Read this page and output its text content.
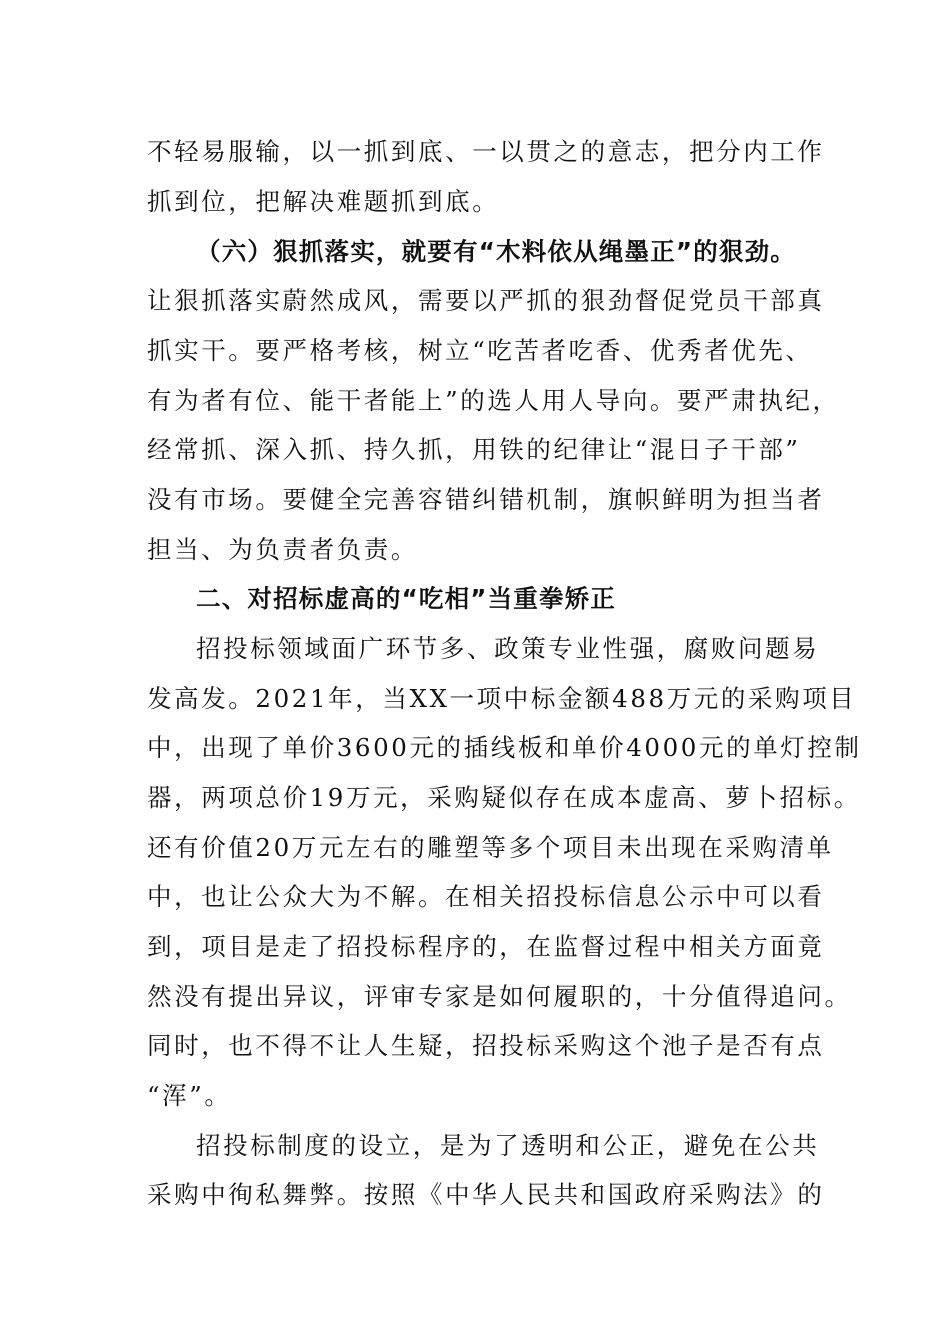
不轻易服输，以一抓到底、一以贯之的意志，把分内工作
抓到位，把解决难题抓到底。
（六）狠抓落实，就要有“木料依从绳墨正”的狠劲。
让狠抓落实蔚然成风，需要以严抓的狠劲督促党员干部真
抓实干。要严格考核，树立“吃苦者吃香、优秀者优先、
有为者有位、能干者能上”的选人用人导向。要严肃执纪，
经常抓、深入抓、持久抓，用铁的纪律让“混日子干部”
没有市场。要健全完善容错纠错机制，旗帜鲜明为担当者
担当、为负责者负责。
二、对招标虚高的“吃相”当重拳矫正
招投标领域面广环节多、政策专业性强，腐败问题易
发高发。2021年，当XX一项中标金额488万元的采购项目
中，出现了单价3600元的插线板和单价4000元的单灯控制
器，两项总价19万元，采购疑似存在成本虚高、萝卜招标。
还有价值20万元左右的雕塑等多个项目未出现在采购清单
中，也让公众大为不解。在相关招投标信息公示中可以看
到，项目是走了招投标程序的，在监督过程中相关方面竟
然没有提出异议，评审专家是如何履职的，十分值得追问。
同时，也不得不让人生疑，招投标采购这个池子是否有点
“浑”。
招投标制度的设立，是为了透明和公正，避免在公共
采购中徇私舞弊。按照《中华人民共和国政府采购法》的
